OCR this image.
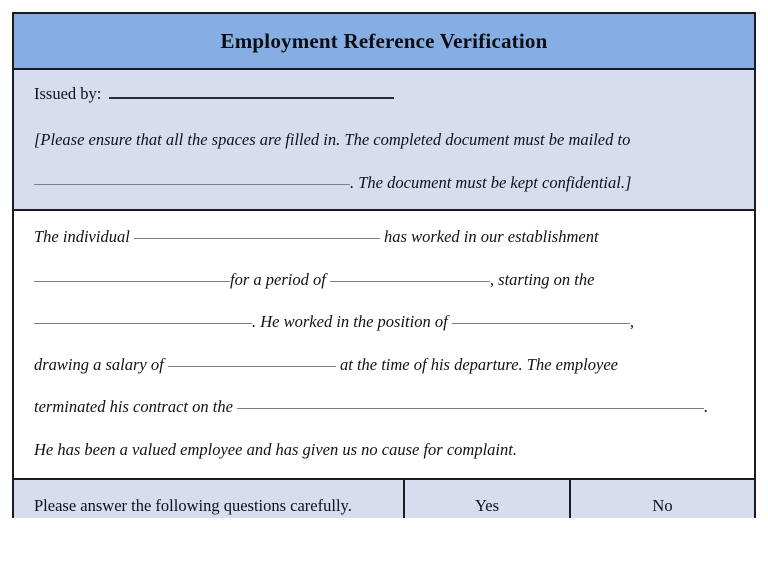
Employment Reference Verification
Issued by:
[Please ensure that all the spaces are filled in. The completed document must be mailed to
. The document must be kept confidential.]
The individual	has worked in our establishment
for a period of	, starting on the
. He worked in the position of	,
drawing a salary of	at the time of his departure. The employee
terminated his contract on the	.
He has been a valued employee and has given us no cause for complaint.
Please answer the following questions carefully.	Yes	No
